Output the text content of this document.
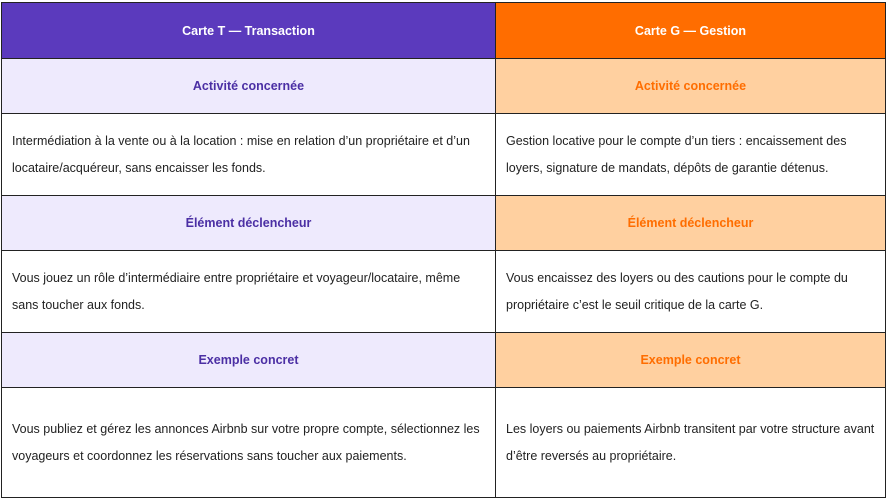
Carte T — Transaction	Carte G — Gestion
Activité concernée	Activité concernée
Intermédiation à la vente ou à la location : mise en relation d’un propriétaire et d’un locataire/acquéreur, sans encaisser les fonds.	Gestion locative pour le compte d’un tiers : encaissement des loyers, signature de mandats, dépôts de garantie détenus.
Élément déclencheur	Élément déclencheur
Vous jouez un rôle d’intermédiaire entre propriétaire et voyageur/locataire, même sans toucher aux fonds.	Vous encaissez des loyers ou des cautions pour le compte du propriétaire c’est le seuil critique de la carte G.
Exemple concret	Exemple concret
Vous publiez et gérez les annonces Airbnb sur votre propre compte, sélectionnez les voyageurs et coordonnez les réservations sans toucher aux paiements.	Les loyers ou paiements Airbnb transitent par votre structure avant d’être reversés au propriétaire.
